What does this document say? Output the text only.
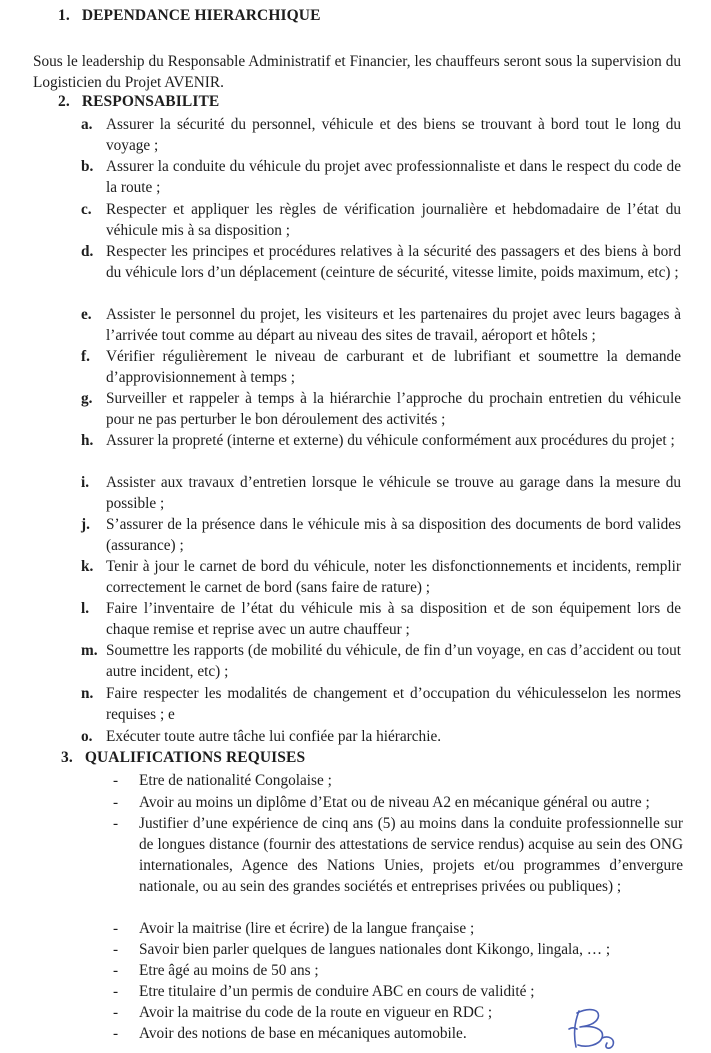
1. DEPENDANCE HIERARCHIQUE
Sous le leadership du Responsable Administratif et Financier, les chauffeurs seront sous la supervision du Logisticien du Projet AVENIR.
2. RESPONSABILITE
a. Assurer la sécurité du personnel, véhicule et des biens se trouvant à bord tout le long du voyage ;
b. Assurer la conduite du véhicule du projet avec professionnaliste et dans le respect du code de la route ;
c. Respecter et appliquer les règles de vérification journalière et hebdomadaire de l’état du véhicule mis à sa disposition ;
d. Respecter les principes et procédures relatives à la sécurité des passagers et des biens à bord du véhicule lors d’un déplacement (ceinture de sécurité, vitesse limite, poids maximum, etc) ;
e. Assister le personnel du projet, les visiteurs et les partenaires du projet avec leurs bagages à l’arrivée tout comme au départ au niveau des sites de travail, aéroport et hôtels ;
f. Vérifier régulièrement le niveau de carburant et de lubrifiant et soumettre la demande d’approvisionnement à temps ;
g. Surveiller et rappeler à temps à la hiérarchie l’approche du prochain entretien du véhicule pour ne pas perturber le bon déroulement des activités ;
h. Assurer la propreté (interne et externe) du véhicule conformément aux procédures du projet ;
i. Assister aux travaux d’entretien lorsque le véhicule se trouve au garage dans la mesure du possible ;
j. S’assurer de la présence dans le véhicule mis à sa disposition des documents de bord valides (assurance) ;
k. Tenir à jour le carnet de bord du véhicule, noter les disfonctionnements et incidents, remplir correctement le carnet de bord (sans faire de rature) ;
l. Faire l’inventaire de l’état du véhicule mis à sa disposition et de son équipement lors de chaque remise et reprise avec un autre chauffeur ;
m. Soumettre les rapports (de mobilité du véhicule, de fin d’un voyage, en cas d’accident ou tout autre incident, etc) ;
n. Faire respecter les modalités de changement et d’occupation du véhiculesselon les normes requises ; e
o. Exécuter toute autre tâche lui confiée par la hiérarchie.
3. QUALIFICATIONS REQUISES
- Etre de nationalité Congolaise ;
- Avoir au moins un diplôme d’Etat ou de niveau A2 en mécanique général ou autre ;
- Justifier d’une expérience de cinq ans (5) au moins dans la conduite professionnelle sur de longues distance (fournir des attestations de service rendus) acquise au sein des ONG internationales, Agence des Nations Unies, projets et/ou programmes d’envergure nationale, ou au sein des grandes sociétés et entreprises privées ou publiques) ;
- Avoir la maitrise (lire et écrire) de la langue française ;
- Savoir bien parler quelques de langues nationales dont Kikongo, lingala, … ;
- Etre âgé au moins de 50 ans ;
- Etre titulaire d’un permis de conduire ABC en cours de validité ;
- Avoir la maitrise du code de la route en vigueur en RDC ;
- Avoir des notions de base en mécaniques automobile.
